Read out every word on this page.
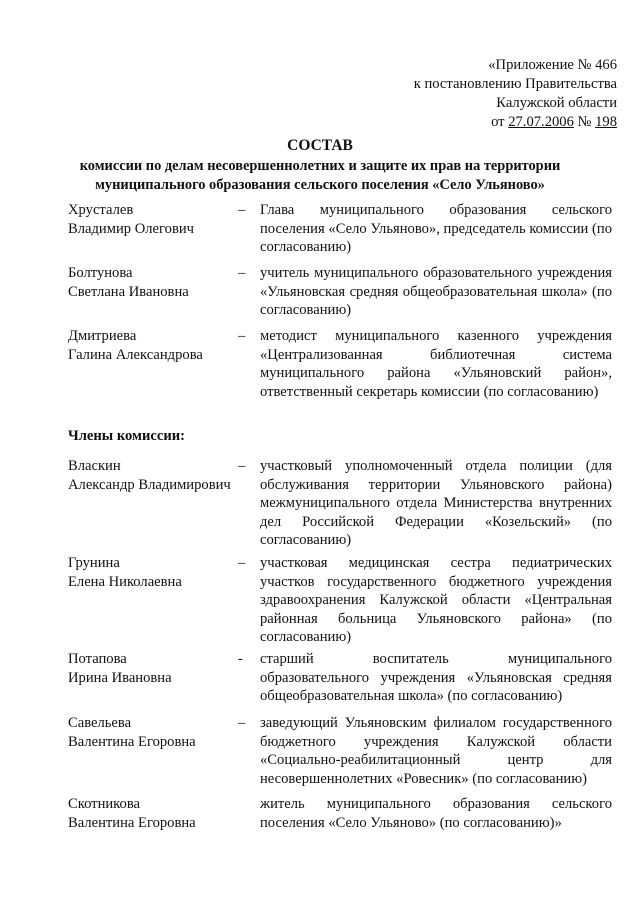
«Приложение № 466
к постановлению Правительства
Калужской области
от 27.07.2006 № 198
СОСТАВ
комиссии по делам несовершеннолетних и защите их прав на территории
муниципального образования сельского поселения «Село Ульяново»
Хрусталев
Владимир Олегович
– Глава муниципального образования сельского поселения «Село Ульяново», председатель комиссии (по согласованию)
Болтунова
Светлана Ивановна
– учитель муниципального образовательного учреждения «Ульяновская средняя общеобразовательная школа» (по согласованию)
Дмитриева
Галина Александрова
– методист муниципального казенного учреждения «Централизованная библиотечная система муниципального района «Ульяновский район», ответственный секретарь комиссии (по согласованию)
Члены комиссии:
Власкин
Александр Владимирович
– участковый уполномоченный отдела полиции (для обслуживания территории Ульяновского района) межмуниципального отдела Министерства внутренних дел Российской Федерации «Козельский» (по согласованию)
Грунина
Елена Николаевна
– участковая медицинская сестра педиатрических участков государственного бюджетного учреждения здравоохранения Калужской области «Центральная районная больница Ульяновского района» (по согласованию)
Потапова
Ирина Ивановна
- старший воспитатель муниципального образовательного учреждения «Ульяновская средняя общеобразовательная школа» (по согласованию)
Савельева
Валентина Егоровна
– заведующий Ульяновским филиалом государственного бюджетного учреждения Калужской области «Социально-реабилитационный центр для несовершеннолетних «Ровесник» (по согласованию)
Скотникова
Валентина Егоровна
житель муниципального образования сельского поселения «Село Ульяново» (по согласованию)»
